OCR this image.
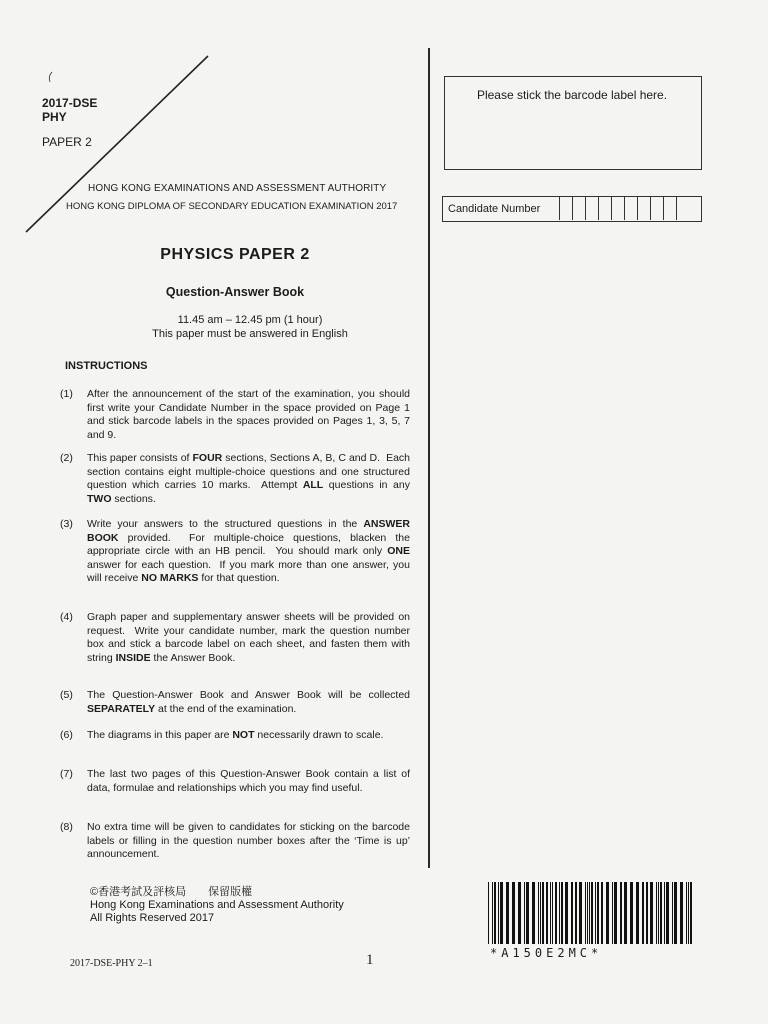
2017-DSE
PHY
PAPER 2
HONG KONG EXAMINATIONS AND ASSESSMENT AUTHORITY
HONG KONG DIPLOMA OF SECONDARY EDUCATION EXAMINATION 2017
PHYSICS PAPER 2
Question-Answer Book
11.45 am – 12.45 pm (1 hour)
This paper must be answered in English
INSTRUCTIONS
(1)	After the announcement of the start of the examination, you should first write your Candidate Number in the space provided on Page 1 and stick barcode labels in the spaces provided on Pages 1, 3, 5, 7 and 9.
(2)	This paper consists of FOUR sections, Sections A, B, C and D.  Each section contains eight multiple-choice questions and one structured question which carries 10 marks.  Attempt ALL questions in any TWO sections.
(3)	Write your answers to the structured questions in the ANSWER BOOK provided.  For multiple-choice questions, blacken the appropriate circle with an HB pencil.  You should mark only ONE answer for each question.  If you mark more than one answer, you will receive NO MARKS for that question.
(4)	Graph paper and supplementary answer sheets will be provided on request.  Write your candidate number, mark the question number box and stick a barcode label on each sheet, and fasten them with string INSIDE the Answer Book.
(5)	The Question-Answer Book and Answer Book will be collected SEPARATELY at the end of the examination.
(6)	The diagrams in this paper are NOT necessarily drawn to scale.
(7)	The last two pages of this Question-Answer Book contain a list of data, formulae and relationships which you may find useful.
(8)	No extra time will be given to candidates for sticking on the barcode labels or filling in the question number boxes after the ‘Time is up’ announcement.
Please stick the barcode label here.
Candidate Number
©香港考試及評核局　　保留版權
Hong Kong Examinations and Assessment Authority
All Rights Reserved 2017
2017-DSE-PHY 2–1	1	*A150E2MC*
